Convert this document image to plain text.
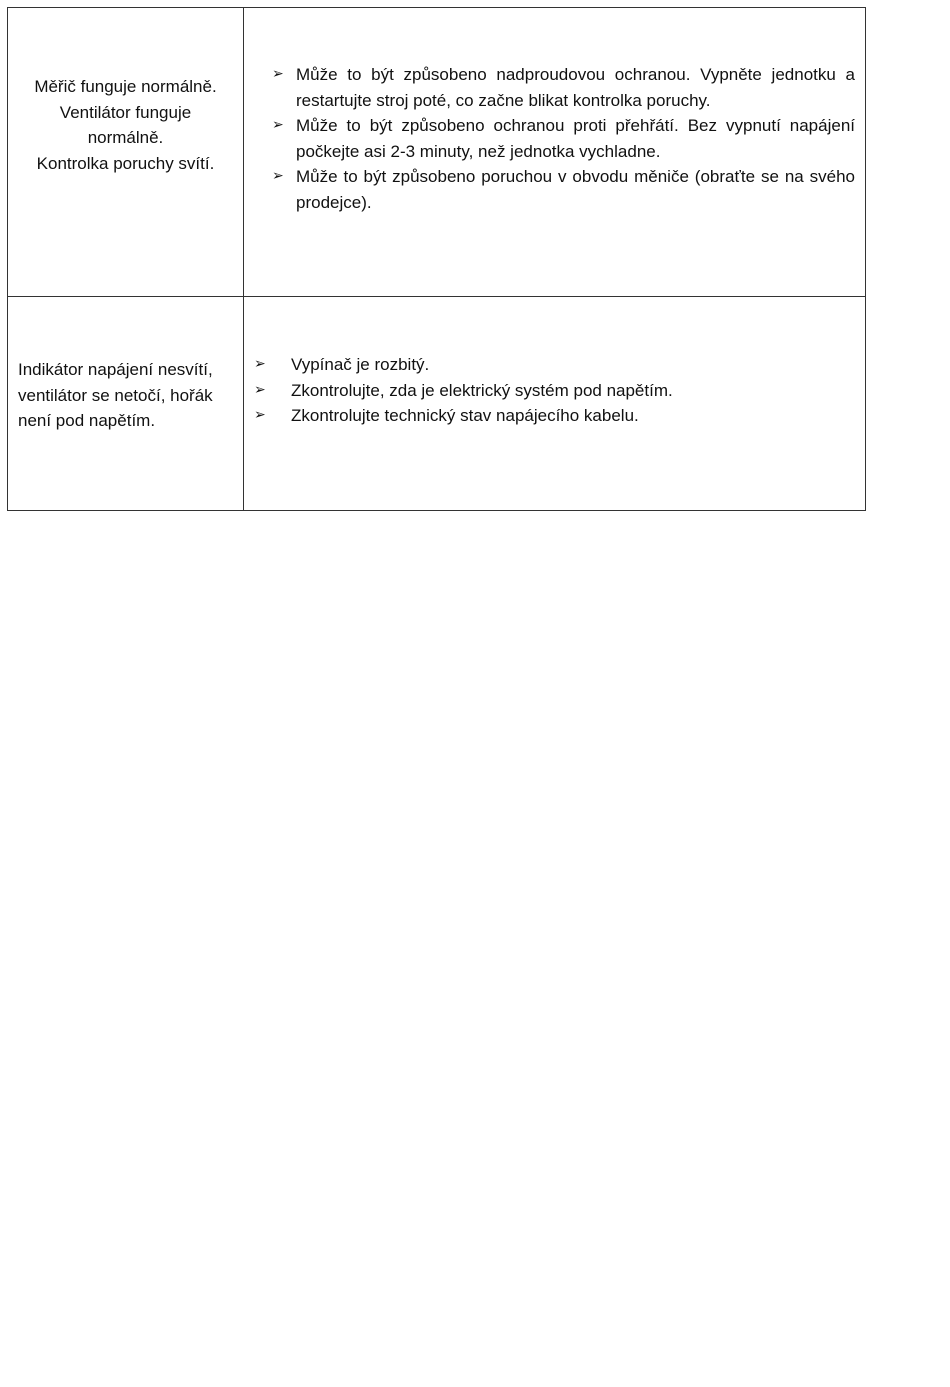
Měřič funguje normálně.
Ventilátor funguje
normálně.
Kontrolka poruchy svítí.
➢ Může to být způsobeno nadproudovou ochranou. Vypněte jednotku a restartujte stroj poté, co začne blikat kontrolka poruchy.
➢ Může to být způsobeno ochranou proti přehřátí. Bez vypnutí napájení počkejte asi 2-3 minuty, než jednotka vychladne.
➢ Může to být způsobeno poruchou v obvodu měniče (obraťte se na svého prodejce).
Indikátor napájení nesvítí,
ventilátor se netočí, hořák
není pod napětím.
➢ Vypínač je rozbitý.
➢ Zkontrolujte, zda je elektrický systém pod napětím.
➢ Zkontrolujte technický stav napájecího kabelu.
